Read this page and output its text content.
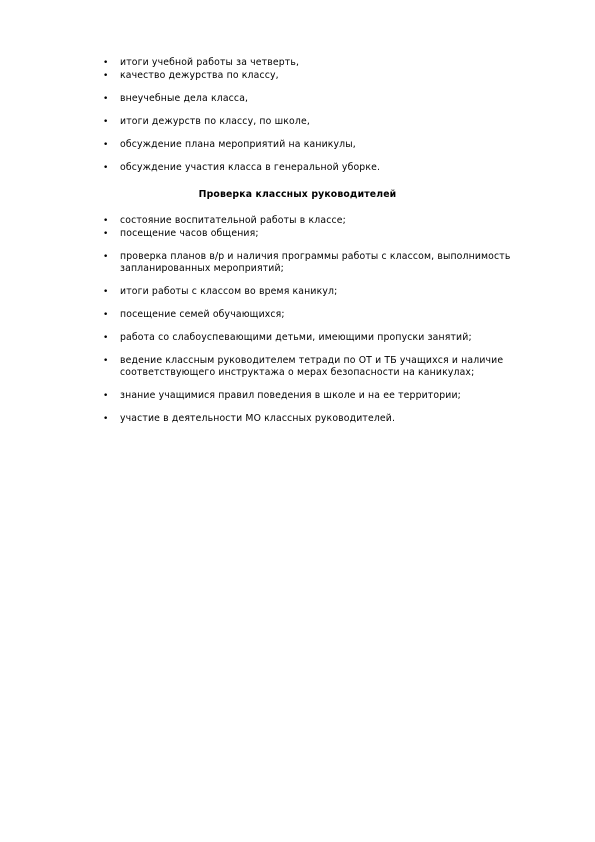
• итоги учебной работы за четверть,
• качество дежурства по классу,
• внеучебные дела класса,
• итоги дежурств по классу, по школе,
• обсуждение плана мероприятий на каникулы,
• обсуждение участия класса в генеральной уборке.
Проверка классных руководителей
• состояние воспитательной работы в классе;
• посещение часов общения;
• проверка планов в/р и наличия программы работы с классом, выполнимость запланированных мероприятий;
• итоги работы с классом во время каникул;
• посещение семей обучающихся;
• работа со слабоуспевающими детьми, имеющими пропуски занятий;
• ведение классным руководителем тетради по ОТ и ТБ учащихся и наличие соответствующего инструктажа о мерах безопасности на каникулах;
• знание учащимися правил поведения в школе и на ее территории;
• участие в деятельности МО классных руководителей.
